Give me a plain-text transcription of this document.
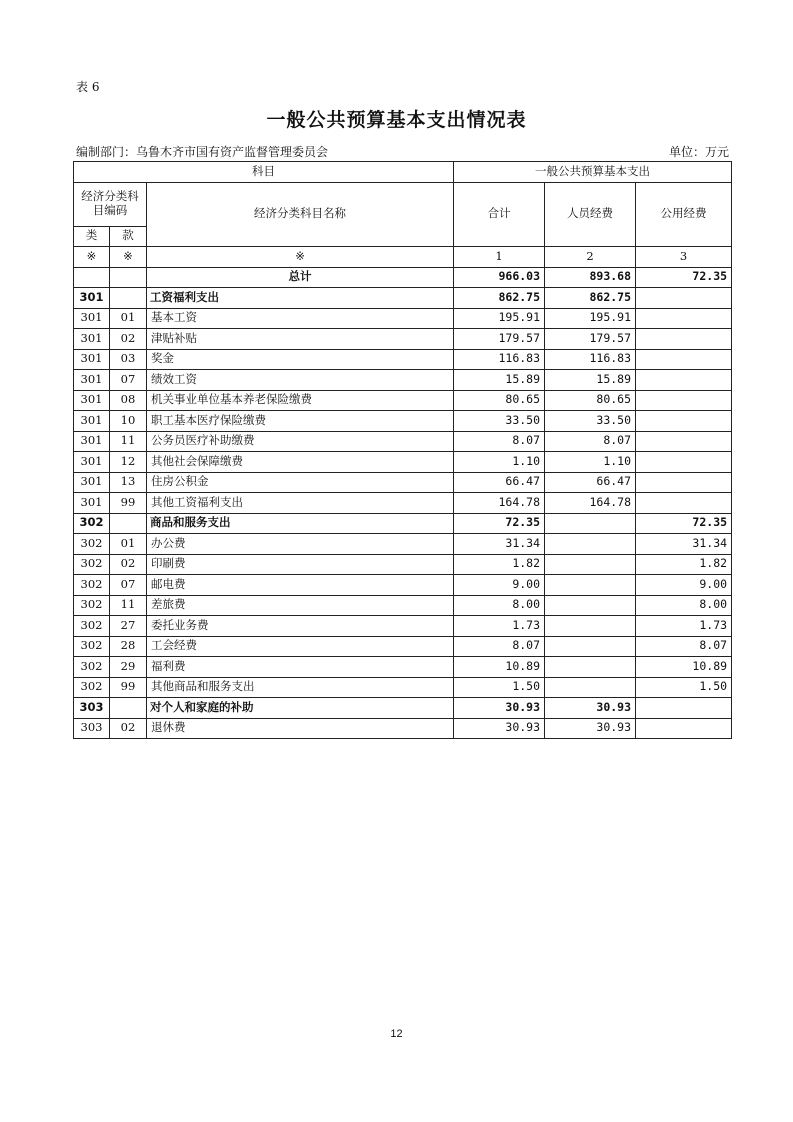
表 6
一般公共预算基本支出情况表
编制部门：乌鲁木齐市国有资产监督管理委员会	单位：万元
科目			一般公共预算基本支出		
经济分类科目编码		经济分类科目名称	合计	人员经费	公用经费
类	款				
※	※	※	1	2	3
		总计	966.03	893.68	72.35
301		工资福利支出	862.75	862.75	
301	01	基本工资	195.91	195.91	
301	02	津贴补贴	179.57	179.57	
301	03	奖金	116.83	116.83	
301	07	绩效工资	15.89	15.89	
301	08	机关事业单位基本养老保险缴费	80.65	80.65	
301	10	职工基本医疗保险缴费	33.50	33.50	
301	11	公务员医疗补助缴费	8.07	8.07	
301	12	其他社会保障缴费	1.10	1.10	
301	13	住房公积金	66.47	66.47	
301	99	其他工资福利支出	164.78	164.78	
302		商品和服务支出	72.35		72.35
302	01	办公费	31.34		31.34
302	02	印刷费	1.82		1.82
302	07	邮电费	9.00		9.00
302	11	差旅费	8.00		8.00
302	27	委托业务费	1.73		1.73
302	28	工会经费	8.07		8.07
302	29	福利费	10.89		10.89
302	99	其他商品和服务支出	1.50		1.50
303		对个人和家庭的补助	30.93	30.93	
303	02	退休费	30.93	30.93	
12
